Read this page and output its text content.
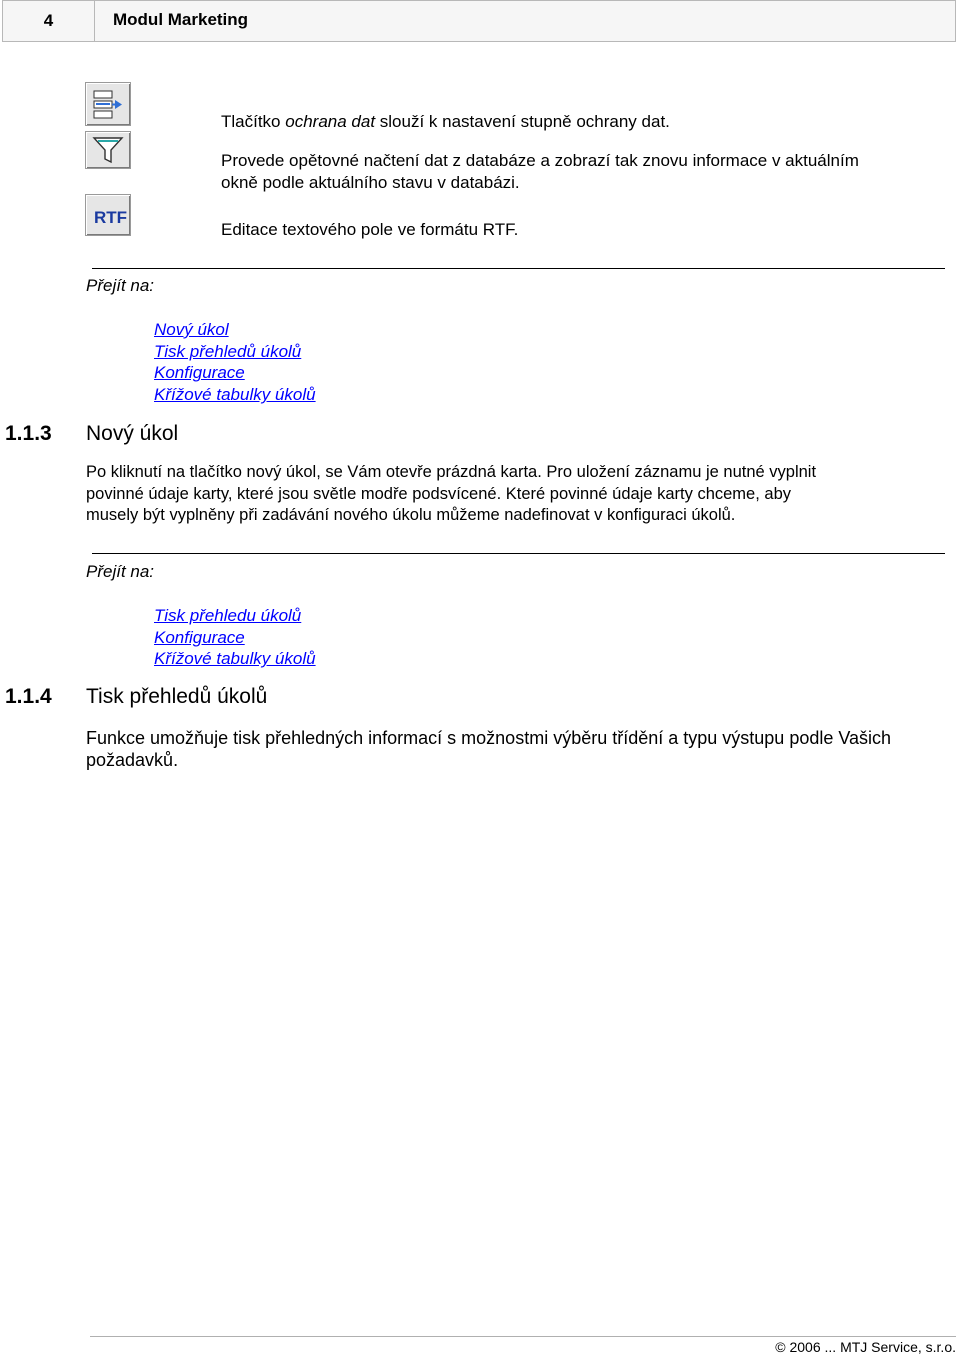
4	Modul Marketing
RTF
Tlačítko ochrana dat slouží k nastavení stupně ochrany dat.
Provede opětovné načtení dat z databáze a zobrazí tak znovu informace v aktuálním
okně podle aktuálního stavu v databázi.
Editace textového pole ve formátu RTF.
Přejít na:
Nový úkol
Tisk přehledů úkolů
Konfigurace
Křížové tabulky úkolů
1.1.3 Nový úkol
Po kliknutí na tlačítko nový úkol, se Vám otevře prázdná karta. Pro uložení záznamu je nutné vyplnit
povinné údaje karty, které jsou světle modře podsvícené. Které povinné údaje karty chceme, aby
musely být vyplněny při zadávání nového úkolu můžeme nadefinovat v konfiguraci úkolů.
Přejít na:
Tisk přehledu úkolů
Konfigurace
Křížové tabulky úkolů
1.1.4 Tisk přehledů úkolů
Funkce umožňuje tisk přehledných informací s možnostmi výběru třídění a typu výstupu podle Vašich
požadavků.
© 2006 ... MTJ Service, s.r.o.
